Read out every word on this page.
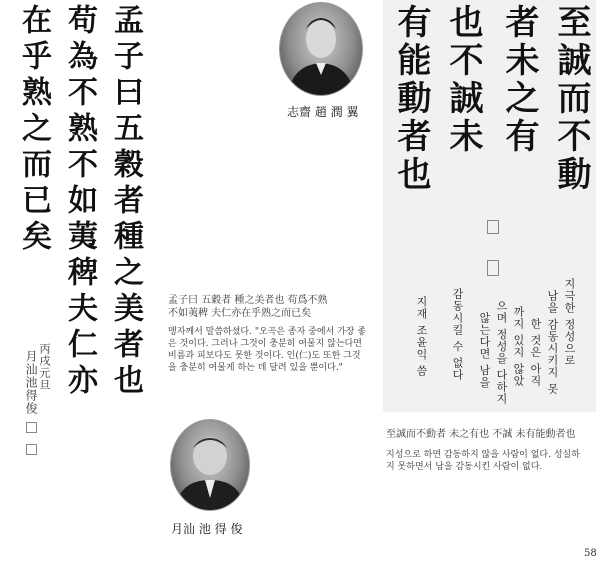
孟子曰五穀者種之美者也
苟為不熟不如荑稗夫仁亦
在乎熟之而已矣
丙戌元旦
月汕池得俊
志齋 趙 潤 翼	至誠而不動
者未之有
也不誠未
有能動者也
지극한 정성으로
남을 감동시키지 못
한 것은 아직
까지 있지 않았
으며 정성을 다하지
않는다면 남을
감동시킬 수 없다
지재 조윤익 씀
孟子曰 五穀者 種之美者也 苟爲不熟
不如荑稗 夫仁亦在乎熟之而已矣
맹자께서 말씀하셨다. "오곡은 종자 중에서 가장 좋은 것이다. 그러나 그것이 충분히 여물지 않는다면 비름과 피보다도 못한 것이다. 인(仁)도 또한 그것을 충분히 여물게 하는 데 달려 있을 뿐이다."
月汕 池 得 俊
至誠而不動者 未之有也 不誠 未有能動者也
지성으로 하면 감동하지 않을 사람이 없다. 성실하지 못하면서 남을 감동시킨 사람이 없다.
58
